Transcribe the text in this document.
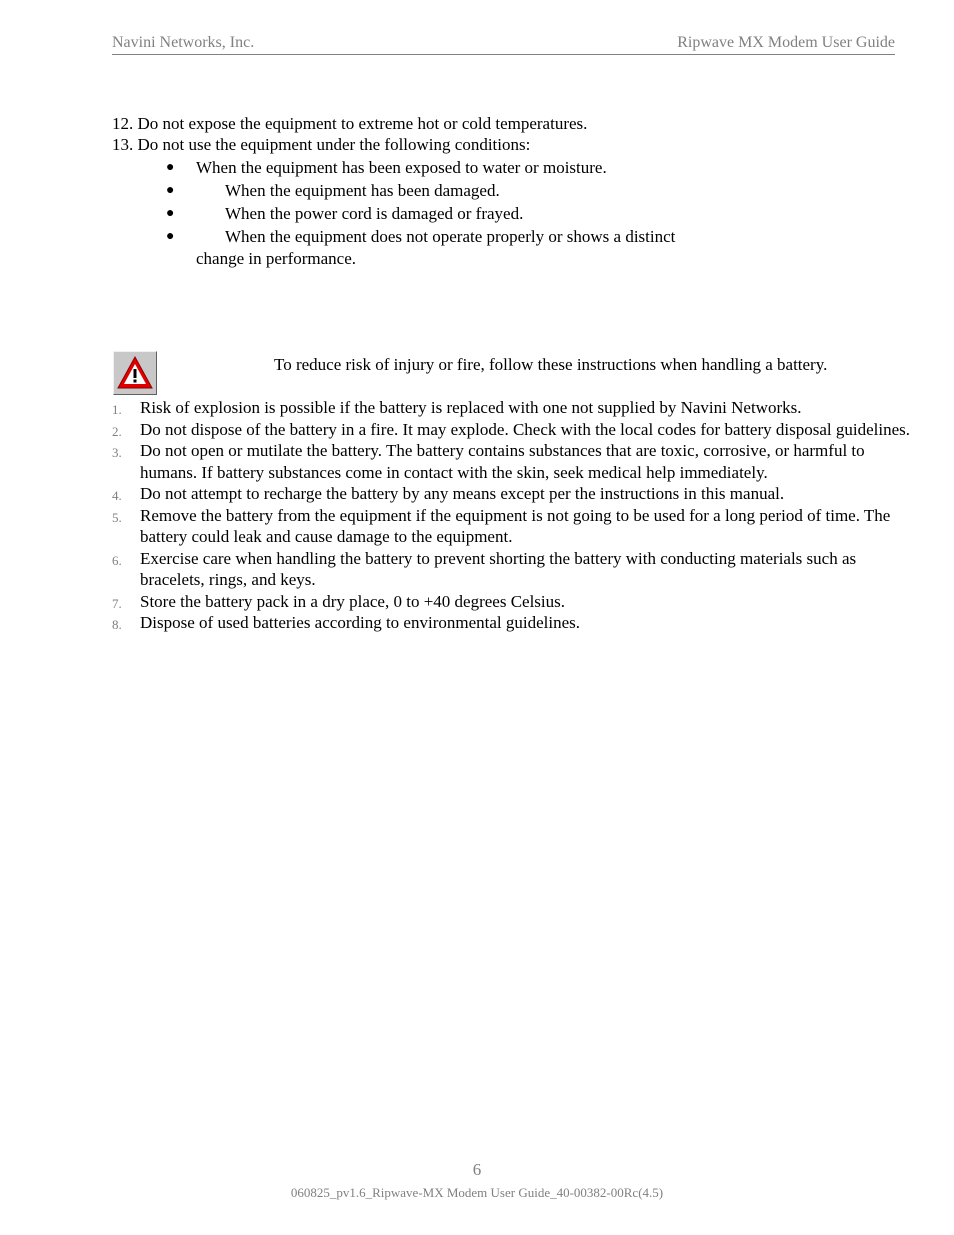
Navini Networks, Inc.	Ripwave MX Modem User Guide
12. Do not expose the equipment to extreme hot or cold temperatures.
13. Do not use the equipment under the following conditions:
● When the equipment has been exposed to water or moisture.
●	When the equipment has been damaged.
●	When the power cord is damaged or frayed.
●	When the equipment does not operate properly or shows a distinct
change in performance.
To reduce risk of injury or fire, follow these instructions when handling a battery.
1. Risk of explosion is possible if the battery is replaced with one not supplied by Navini Networks.
2. Do not dispose of the battery in a fire. It may explode. Check with the local codes for battery disposal guidelines.
3. Do not open or mutilate the battery. The battery contains substances that are toxic, corrosive, or harmful to humans. If battery substances come in contact with the skin, seek medical help immediately.
4. Do not attempt to recharge the battery by any means except per the instructions in this manual.
5. Remove the battery from the equipment if the equipment is not going to be used for a long period of time. The battery could leak and cause damage to the equipment.
6. Exercise care when handling the battery to prevent shorting the battery with conducting materials such as bracelets, rings, and keys.
7. Store the battery pack in a dry place, 0 to +40 degrees Celsius.
8. Dispose of used batteries according to environmental guidelines.
6
060825_pv1.6_Ripwave-MX Modem User Guide_40-00382-00Rc(4.5)
